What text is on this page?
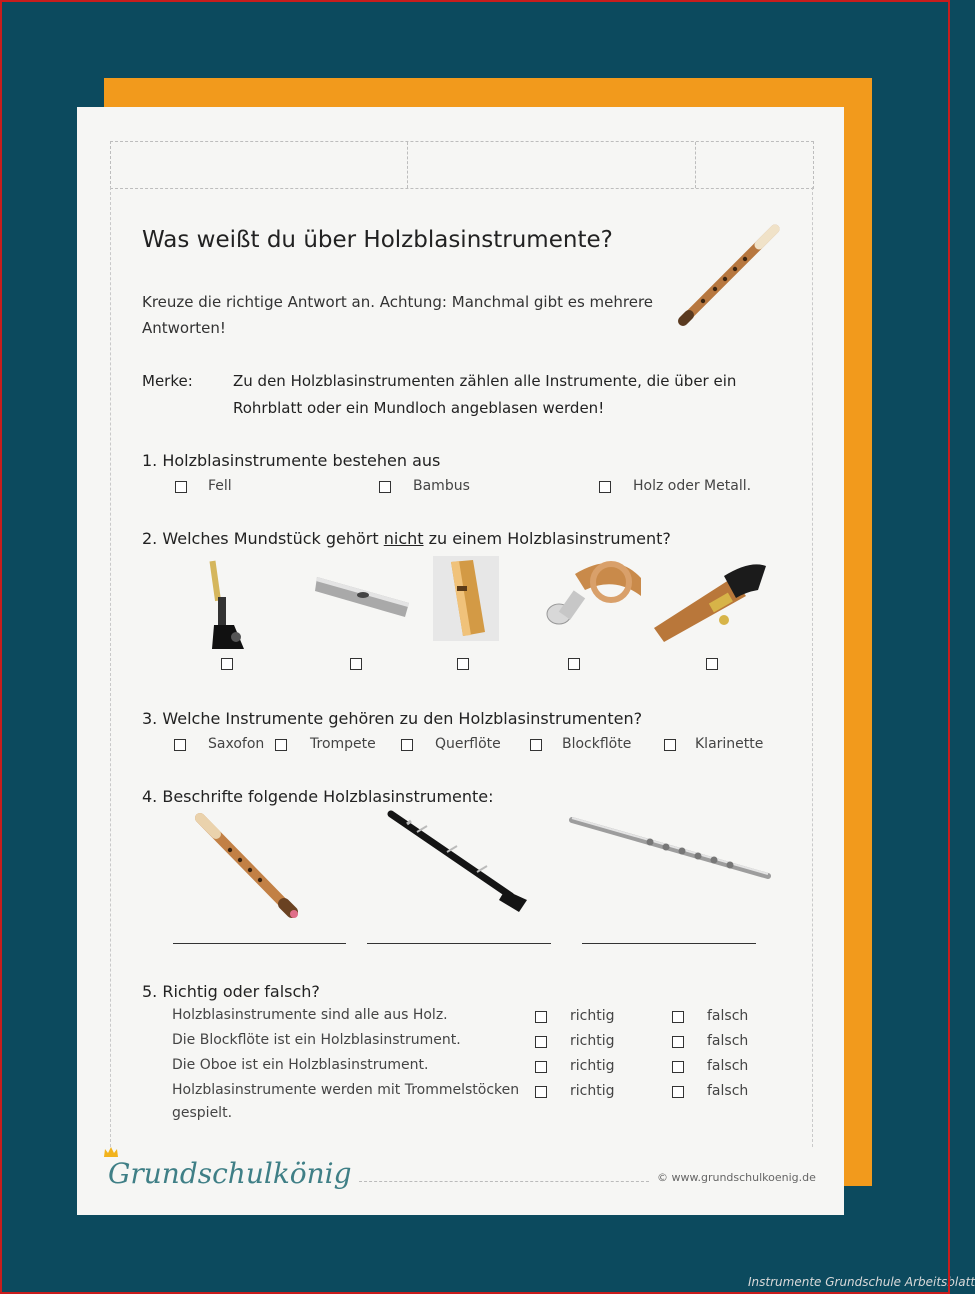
Was weißt du über Holzblasinstrumente?
Kreuze die richtige Antwort an. Achtung: Manchmal gibt es mehrere
Antworten!
Merke:	Zu den Holzblasinstrumenten zählen alle Instrumente, die über ein
Rohrblatt oder ein Mundloch angeblasen werden!
1. Holzblasinstrumente bestehen aus
Fell	Bambus	Holz oder Metall.
2. Welches Mundstück gehört nicht zu einem Holzblasinstrument?
3. Welche Instrumente gehören zu den Holzblasinstrumenten?
Saxofon	Trompete	Querflöte	Blockflöte	Klarinette
4. Beschrifte folgende Holzblasinstrumente:
5. Richtig oder falsch?
Holzblasinstrumente sind alle aus Holz.	richtig	falsch
Die Blockflöte ist ein Holzblasinstrument.	richtig	falsch
Die Oboe ist ein Holzblasinstrument.	richtig	falsch
Holzblasinstrumente werden mit Trommelstöcken
gespielt.
richtig	falsch
Grundschulkönig	© www.grundschulkoenig.de
Instrumente Grundschule Arbeitsblatt
